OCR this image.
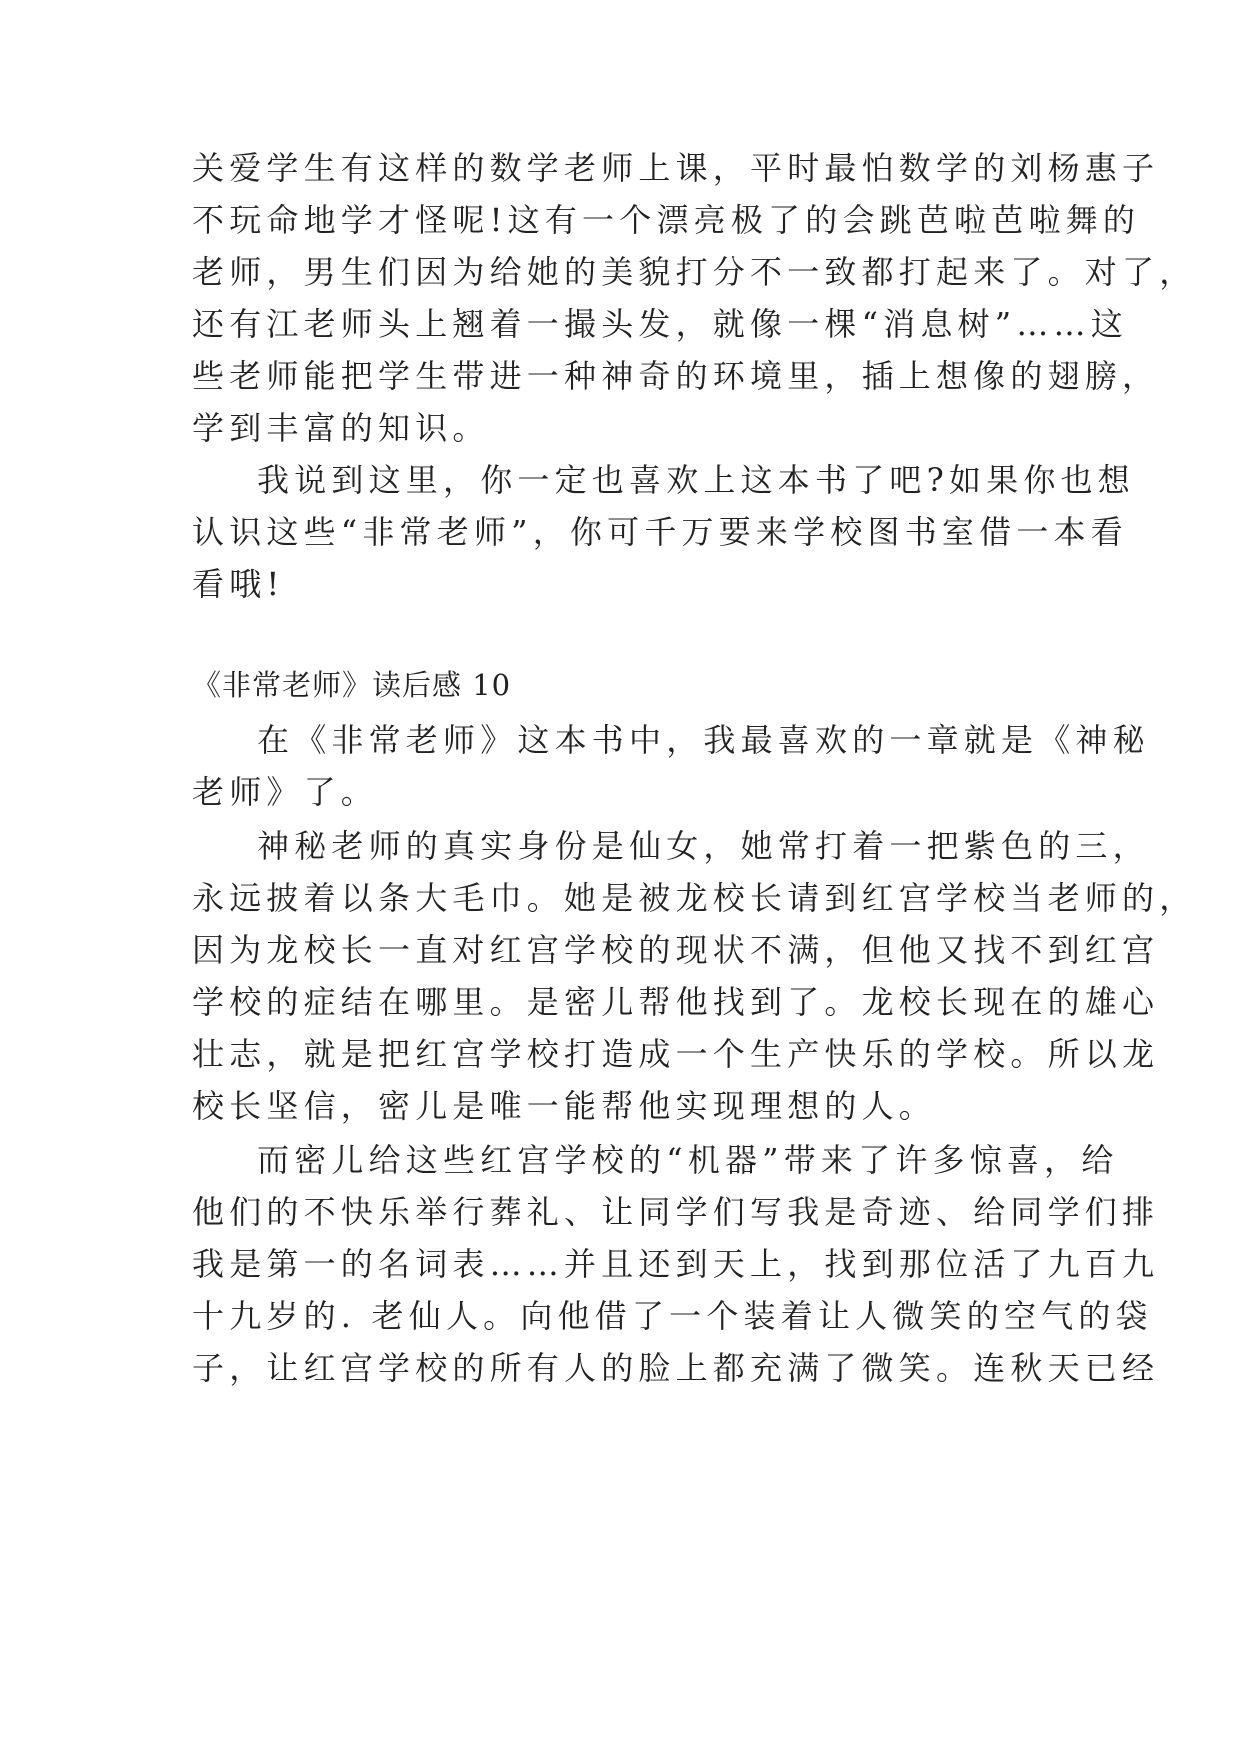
关爱学生有这样的数学老师上课，平时最怕数学的刘杨惠子
不玩命地学才怪呢!这有一个漂亮极了的会跳芭啦芭啦舞的
老师，男生们因为给她的美貌打分不一致都打起来了。对了，
还有江老师头上翘着一撮头发，就像一棵“消息树”……这
些老师能把学生带进一种神奇的环境里，插上想像的翅膀，
学到丰富的知识。
我说到这里，你一定也喜欢上这本书了吧?如果你也想
认识这些“非常老师”，你可千万要来学校图书室借一本看
看哦!
《非常老师》读后感 10
在《非常老师》这本书中，我最喜欢的一章就是《神秘
老师》了。
神秘老师的真实身份是仙女，她常打着一把紫色的三，
永远披着以条大毛巾。她是被龙校长请到红宫学校当老师的，
因为龙校长一直对红宫学校的现状不满，但他又找不到红宫
学校的症结在哪里。是密儿帮他找到了。龙校长现在的雄心
壮志，就是把红宫学校打造成一个生产快乐的学校。所以龙
校长坚信，密儿是唯一能帮他实现理想的人。
而密儿给这些红宫学校的“机器”带来了许多惊喜，给
他们的不快乐举行葬礼、让同学们写我是奇迹、给同学们排
我是第一的名词表……并且还到天上，找到那位活了九百九
十九岁的. 老仙人。向他借了一个装着让人微笑的空气的袋
子，让红宫学校的所有人的脸上都充满了微笑。连秋天已经
